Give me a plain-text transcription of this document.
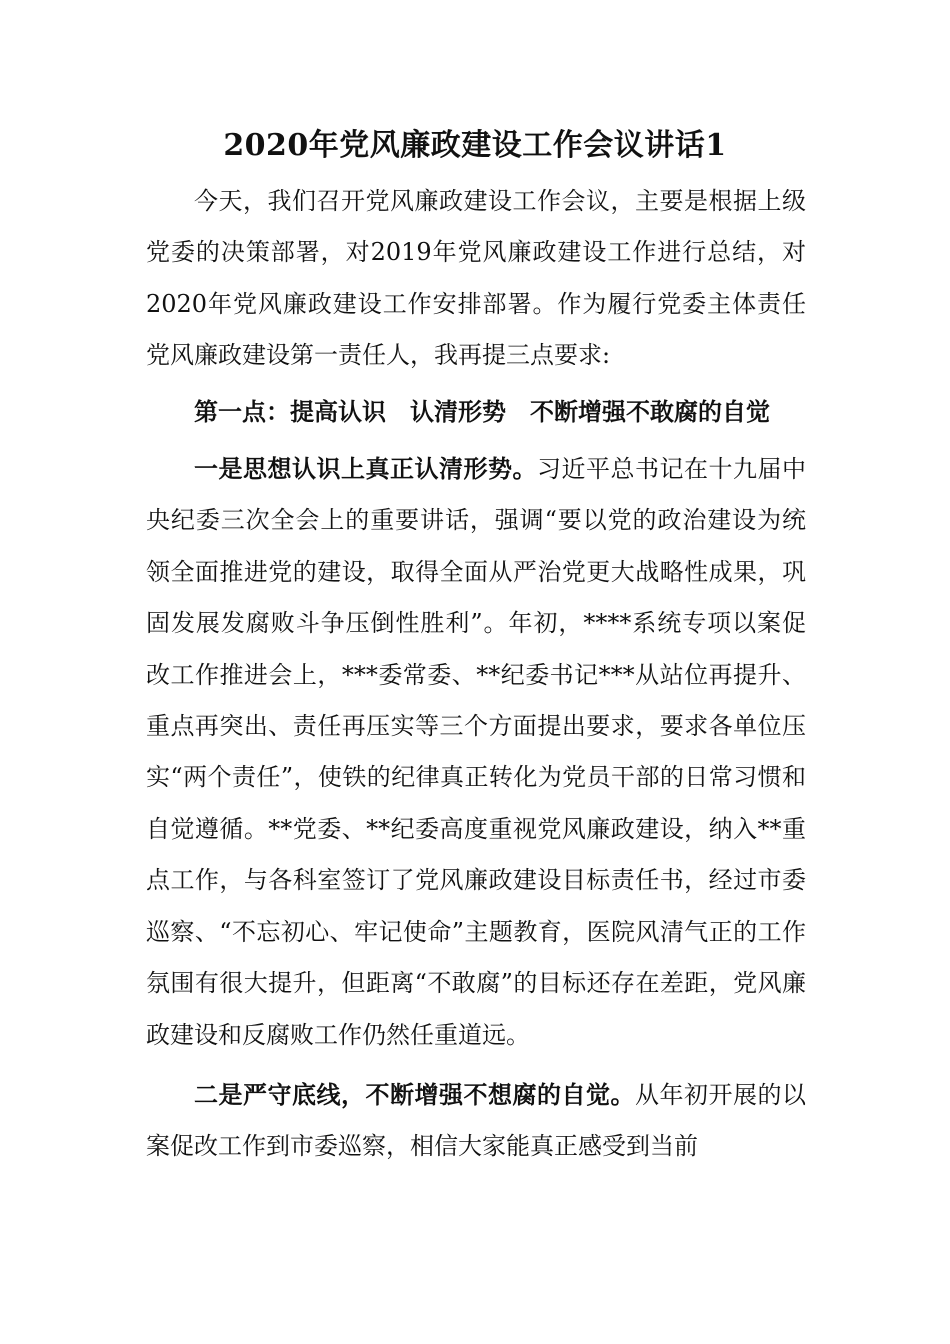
2020年党风廉政建设工作会议讲话1

今天，我们召开党风廉政建设工作会议，主要是根据上级党委的决策部署，对2019年党风廉政建设工作进行总结，对2020年党风廉政建设工作安排部署。作为履行党委主体责任党风廉政建设第一责任人，我再提三点要求:

第一点：提高认识　认清形势　不断增强不敢腐的自觉

一是思想认识上真正认清形势。习近平总书记在十九届中央纪委三次全会上的重要讲话，强调“要以党的政治建设为统领全面推进党的建设，取得全面从严治党更大战略性成果，巩固发展发腐败斗争压倒性胜利”。年初，****系统专项以案促改工作推进会上，***委常委、**纪委书记***从站位再提升、重点再突出、责任再压实等三个方面提出要求，要求各单位压实“两个责任”，使铁的纪律真正转化为党员干部的日常习惯和自觉遵循。**党委、**纪委高度重视党风廉政建设，纳入**重点工作，与各科室签订了党风廉政建设目标责任书，经过市委巡察、“不忘初心、牢记使命”主题教育，医院风清气正的工作氛围有很大提升，但距离“不敢腐”的目标还存在差距，党风廉政建设和反腐败工作仍然任重道远。

二是严守底线，不断增强不想腐的自觉。从年初开展的以案促改工作到市委巡察，相信大家能真正感受到当前
